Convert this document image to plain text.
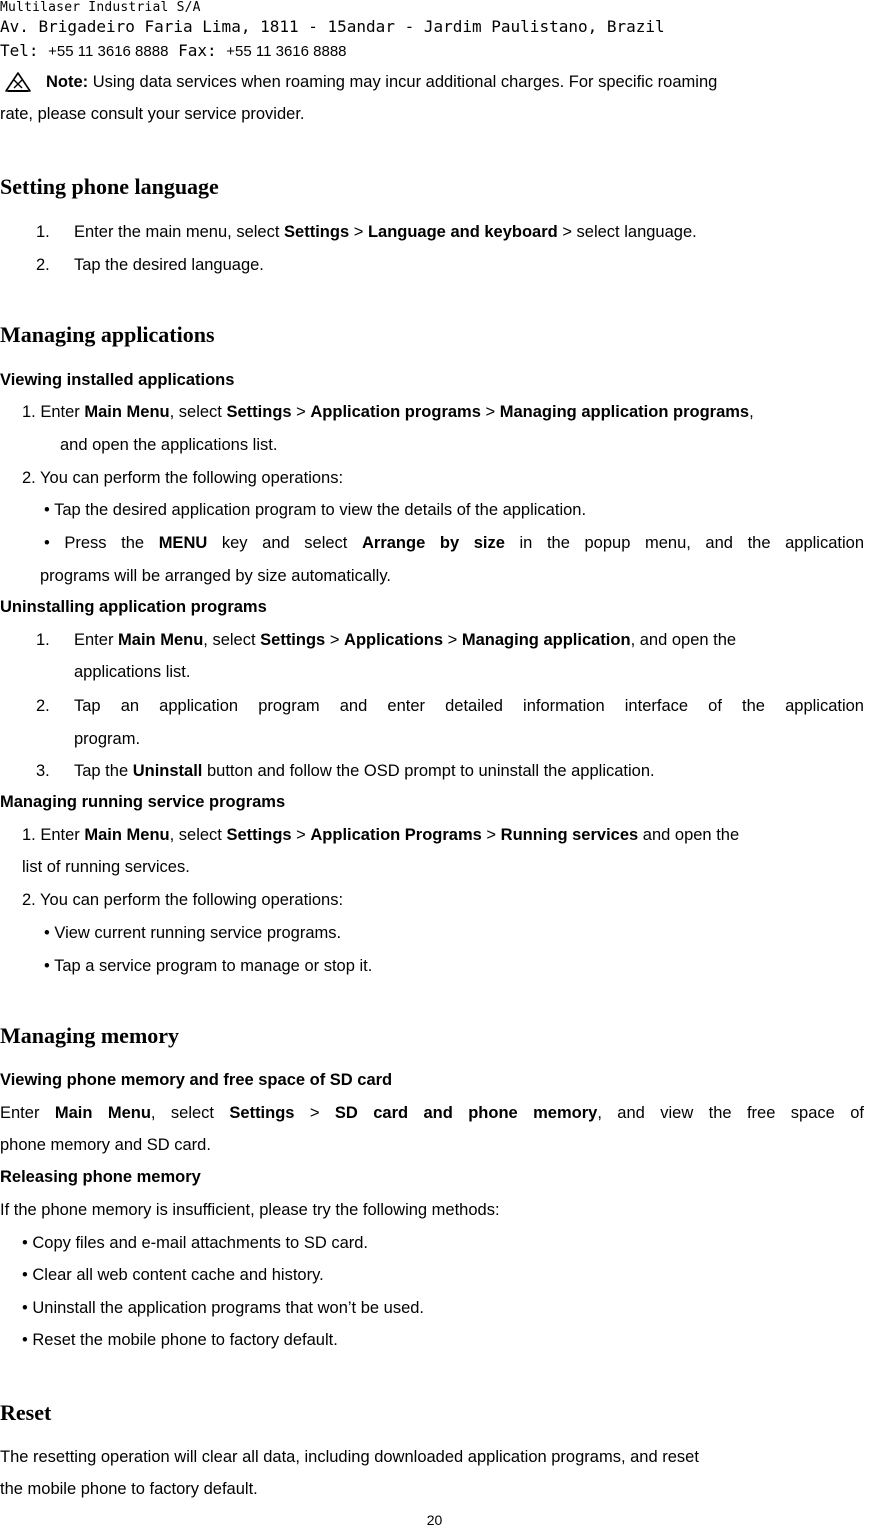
Multilaser Industrial S/A
Av. Brigadeiro Faria Lima, 1811 - 15andar - Jardim Paulistano, Brazil
Tel: +55 11 3616 8888 Fax: +55 11 3616 8888
Note: Using data services when roaming may incur additional charges. For specific roaming
rate, please consult your service provider.
Setting phone language
1. Enter the main menu, select Settings > Language and keyboard > select language.
2. Tap the desired language.
Managing applications
Viewing installed applications
1. Enter Main Menu, select Settings > Application programs > Managing application programs,
and open the applications list.
2. You can perform the following operations:
• Tap the desired application program to view the details of the application.
• Press the MENU key and select Arrange by size in the popup menu, and the application
programs will be arranged by size automatically.
Uninstalling application programs
1. Enter Main Menu, select Settings > Applications > Managing application, and open the
applications list.
2. Tap an application program and enter detailed information interface of the application
program.
3. Tap the Uninstall button and follow the OSD prompt to uninstall the application.
Managing running service programs
1. Enter Main Menu, select Settings > Application Programs > Running services and open the
list of running services.
2. You can perform the following operations:
• View current running service programs.
• Tap a service program to manage or stop it.
Managing memory
Viewing phone memory and free space of SD card
Enter Main Menu, select Settings > SD card and phone memory, and view the free space of
phone memory and SD card.
Releasing phone memory
If the phone memory is insufficient, please try the following methods:
• Copy files and e-mail attachments to SD card.
• Clear all web content cache and history.
• Uninstall the application programs that won’t be used.
• Reset the mobile phone to factory default.
Reset
The resetting operation will clear all data, including downloaded application programs, and reset
the mobile phone to factory default.
20
